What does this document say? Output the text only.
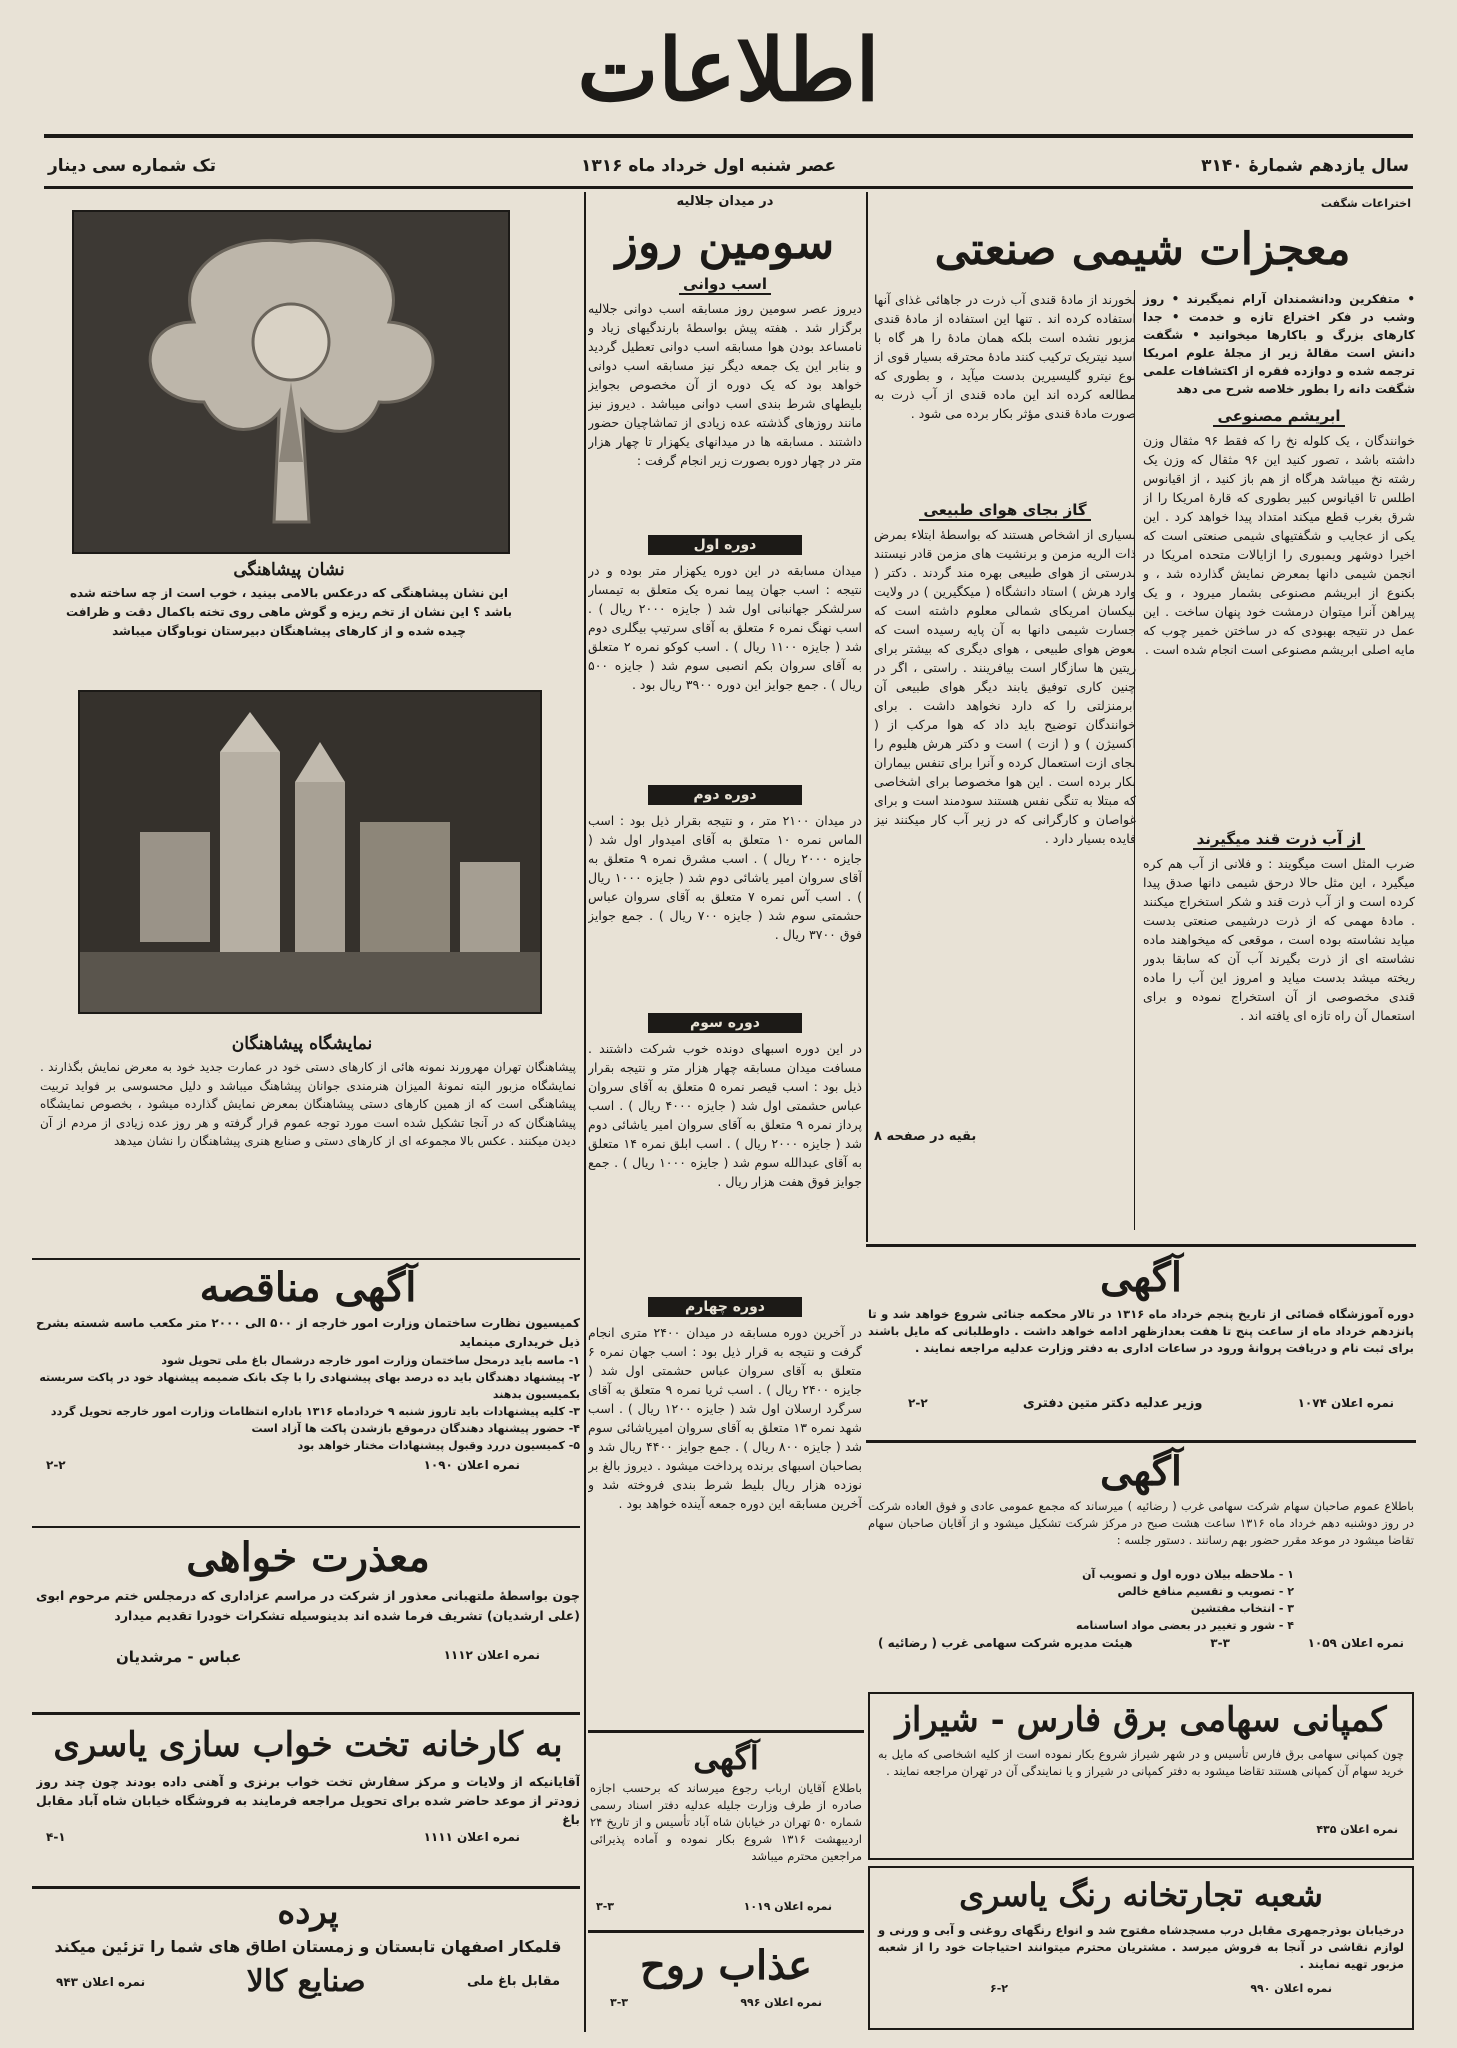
اطلاعات
سال یازدهم شمارهٔ ۳۱۴۰
عصر شنبه اول خرداد ماه ۱۳۱۶
تک شماره سی دینار
اختراعات شگفت
معجزات شیمی صنعتی
• متفکرین ودانشمندان آرام نمیگیرند • روز وشب در فکر اختراع تازه و خدمت • جدا کارهای بزرگ و باکارها میخوانید • شگفت دانش است مقالهٔ زیر از مجلهٔ علوم امریکا ترجمه شده و دوازده فقره از اکتشافات علمی شگفت دانه را بطور خلاصه شرح می دهد
ابریشم مصنوعی
خوانندگان ، یک کلوله نخ را که فقط ۹۶ مثقال وزن داشته باشد ، تصور کنید این ۹۶ مثقال که وزن یک رشته نخ میباشد هرگاه از هم باز کنید ، از اقیانوس اطلس تا اقیانوس کبیر بطوری که قارهٔ امریکا را از شرق بغرب قطع میکند امتداد پیدا خواهد کرد . این یکی از عجایب و شگفتیهای شیمی صنعتی است که اخیرا دوشهر ویمبوری را ازایالات متحده امریکا در انجمن شیمی دانها بمعرض نمایش گذارده شد ، و بکنوع از ابریشم مصنوعی بشمار میرود ، و یک پیراهن آنرا میتوان درمشت خود پنهان ساخت . این عمل در نتیجه بهبودی که در ساختن خمیر چوب که مایه اصلی ابریشم مصنوعی است انجام شده است .
از آب ذرت قند میگیرند
ضرب المثل است میگویند : و فلانی از آب هم کره میگیرد ، این مثل حالا درحق شیمی دانها صدق پیدا کرده است و از آب ذرت قند و شکر استخراج میکنند . مادهٔ مهمی که از ذرت درشیمی صنعتی بدست میاید نشاسته بوده است ، موقعی که میخواهند ماده نشاسته ای از ذرت بگیرند آب آن که سابقا بدور ریخته میشد بدست میاید و امروز این آب را ماده قندی مخصوصی از آن استخراج نموده و برای استعمال آن راه تازه ای یافته اند .
بخورند از مادهٔ قندی آب ذرت در جاهائی غذای آنها استفاده کرده اند . تنها این استفاده از مادهٔ قندی مزبور نشده است بلکه همان مادهٔ را هر گاه با اسید نیتریک ترکیب کنند مادهٔ محترقه بسیار قوی از نوع نیترو گلیسیرین بدست میآید ، و بطوری که مطالعه کرده اند این ماده قندی از آب ذرت به صورت مادهٔ قندی مؤثر بکار برده می شود .
گاز بجای هوای طبیعی
بسیاری از اشخاص هستند که بواسطهٔ ابتلاء بمرض ذات الریه مزمن و برنشیت های مزمن قادر نیستند بدرستی از هوای طبیعی بهره مند گردند . دکتر ( وارد هرش ) استاد دانشگاه ( میکگیرین ) در ولایت نیکسان امریکای شمالی معلوم داشته است که جسارت شیمی دانها به آن پایه رسیده است که بعوض هوای طبیعی ، هوای دیگری که بیشتر برای ریتین ها سازگار است بیافرینند . راستی ، اگر در چنین کاری توفیق یابند دیگر هوای طبیعی آن ابرمنزلتی را که دارد نخواهد داشت . برای خوانندگان توضیح باید داد که هوا مرکب از ( اکسیژن ) و ( ازت ) است و دکتر هرش هلیوم را بجای ازت استعمال کرده و آنرا برای تنفس بیماران بکار برده است . این هوا مخصوصا برای اشخاصی که مبتلا به تنگی نفس هستند سودمند است و برای غواصان و کارگرانی که در زیر آب کار میکنند نیز فایده بسیار دارد .
بقیه در صفحه ۸
در میدان جلالیه
سومین روز
اسب دوانی
دیروز عصر سومین روز مسابقه اسب دوانی جلالیه برگزار شد . هفته پیش بواسطهٔ بارندگیهای زیاد و نامساعد بودن هوا مسابقه اسب دوانی تعطیل گردید و بنابر این یک جمعه دیگر نیز مسابقه اسب دوانی خواهد بود که یک دوره از آن مخصوص بجوایز بلیطهای شرط بندی اسب دوانی میباشد . دیروز نیز مانند روزهای گذشته عده زیادی از تماشاچیان حضور داشتند . مسابقه ها در میدانهای یکهزار تا چهار هزار متر در چهار دوره بصورت زیر انجام گرفت :
دوره اول
میدان مسابقه در این دوره یکهزار متر بوده و در نتیجه : اسب جهان پیما نمره یک متعلق به تیمسار سرلشکر جهانبانی اول شد ( جایزه ۲۰۰۰ ریال ) . اسب نهنگ نمره ۶ متعلق به آقای سرتیپ بیگلری دوم شد ( جایزه ۱۱۰۰ ریال ) . اسب کوکو نمره ۲ متعلق به آقای سروان بکم انصبی سوم شد ( جایزه ۵۰۰ ریال ) . جمع جوایز این دوره ۳۹۰۰ ریال بود .
دوره دوم
در میدان ۲۱۰۰ متر ، و نتیجه بقرار ذیل بود : اسب الماس نمره ۱۰ متعلق به آقای امیدوار اول شد ( جایزه ۲۰۰۰ ریال ) . اسب مشرق نمره ۹ متعلق به آقای سروان امیر یاشائی دوم شد ( جایزه ۱۰۰۰ ریال ) . اسب آس نمره ۷ متعلق به آقای سروان عباس حشمتی سوم شد ( جایزه ۷۰۰ ریال ) . جمع جوایز فوق ۳۷۰۰ ریال .
دوره سوم
در این دوره اسبهای دونده خوب شرکت داشتند . مسافت میدان مسابقه چهار هزار متر و نتیجه بقرار ذیل بود : اسب قیصر نمره ۵ متعلق به آقای سروان عباس حشمتی اول شد ( جایزه ۴۰۰۰ ریال ) . اسب پرداز نمره ۹ متعلق به آقای سروان امیر یاشائی دوم شد ( جایزه ۲۰۰۰ ریال ) . اسب ابلق نمره ۱۴ متعلق به آقای عبدالله سوم شد ( جایزه ۱۰۰۰ ریال ) . جمع جوایز فوق هفت هزار ریال .
دوره چهارم
در آخرین دوره مسابقه در میدان ۲۴۰۰ متری انجام گرفت و نتیجه به قرار ذیل بود : اسب جهان نمره ۶ متعلق به آقای سروان عباس حشمتی اول شد ( جایزه ۲۴۰۰ ریال ) . اسب ثریا نمره ۹ متعلق به آقای سرگرد ارسلان اول شد ( جایزه ۱۲۰۰ ریال ) . اسب شهد نمره ۱۳ متعلق به آقای سروان امیریاشائی سوم شد ( جایزه ۸۰۰ ریال ) . جمع جوایز ۴۴۰۰ ریال شد و بصاحبان اسبهای برنده پرداخت میشود . دیروز بالغ بر نوزده هزار ریال بلیط شرط بندی فروخته شد و آخرین مسابقه این دوره جمعه آینده خواهد بود .
نشان پیشاهنگی
این نشان پیشاهنگی که درعکس بالامی بینید ، خوب است از چه ساخته شده باشد ؟ این نشان از تخم ریزه و گوش ماهی روی تخته باکمال دقت و ظرافت چیده شده و از کارهای پیشاهنگان دبیرستان نوباوگان میباشد
نمایشگاه پیشاهنگان
پیشاهنگان تهران مهرورند نمونه هائی از کارهای دستی خود در عمارت جدید خود به معرض نمایش بگذارند . نمایشگاه مزبور البته نمونهٔ المیزان هنرمندی جوانان پیشاهنگ میباشد و دلیل محسوسی بر فواید تربیت پیشاهنگی است که از همین کارهای دستی پیشاهنگان بمعرض نمایش گذارده میشود ، بخصوص نمایشگاه پیشاهنگان که در آنجا تشکیل شده است مورد توجه عموم قرار گرفته و هر روز عده زیادی از مردم از آن دیدن میکنند . عکس بالا مجموعه ای از کارهای دستی و صنایع هنری پیشاهنگان را نشان میدهد
آگهی مناقصه
کمیسیون نظارت ساختمان وزارت امور خارجه از ۵۰۰ الی ۲۰۰۰ متر مکعب ماسه شسته بشرح ذیل خریداری مینماید
۱- ماسه باید درمحل ساختمان وزارت امور خارجه درشمال باغ ملی تحویل شود
۲- پیشنهاد دهندگان باید ده درصد بهای پیشنهادی را با چک بانک ضمیمه پیشنهاد خود در پاکت سربسته بکمیسیون بدهند
۳- کلیه پیشنهادات باید تاروز شنبه ۹ خردادماه ۱۳۱۶ باداره انتظامات وزارت امور خارجه تحویل گردد
۴- حضور پیشنهاد دهندگان درموقع بازشدن پاکت ها آزاد است
۵- کمیسیون دررد وقبول پیشنهادات مختار خواهد بود
نمره اعلان ۱۰۹۰
۲-۲
معذرت خواهی
چون بواسطهٔ ملتهبانی معذور از شرکت در مراسم عزاداری که درمجلس ختم مرحوم ابوی (علی ارشدیان) تشریف فرما شده اند بدینوسیله تشکرات خودرا تقدیم میدارد
نمره اعلان ۱۱۱۲
عباس - مرشدیان
به کارخانه تخت خواب سازی یاسری
آقایانیکه از ولایات و مرکز سفارش تخت خواب برنزی و آهنی داده بودند چون چند روز زودتر از موعد حاضر شده برای تحویل مراجعه فرمایند به فروشگاه خیابان شاه آباد مقابل باغ
نمره اعلان ۱۱۱۱
۴-۱
پرده
قلمکار اصفهان تابستان و زمستان اطاق های شما را تزئین میکند
مقابل باغ ملی
صنایع کالا
نمره اعلان ۹۴۳
آگهی
باطلاع آقایان ارباب رجوع میرساند که برحسب اجازه صادره از طرف وزارت جلیله عدلیه دفتر اسناد رسمی شماره ۵۰ تهران در خیابان شاه آباد تأسیس و از تاریخ ۲۴ اردیبهشت ۱۳۱۶ شروع بکار نموده و آماده پذیرائی مراجعین محترم میباشد
نمره اعلان ۱۰۱۹
۳-۳
عذاب روح
نمره اعلان ۹۹۶
۳-۳
آگهی
دوره آموزشگاه قضائی از تاریخ پنجم خرداد ماه ۱۳۱۶ در تالار محکمه جنائی شروع خواهد شد و تا پانزدهم خرداد ماه از ساعت پنج تا هفت بعدازظهر ادامه خواهد داشت . داوطلبانی که مایل باشند برای ثبت نام و دریافت پروانهٔ ورود در ساعات اداری به دفتر وزارت عدلیه مراجعه نمایند .
نمره اعلان ۱۰۷۴
وزیر عدلیه دکتر متین دفتری
۲-۲
آگهی
باطلاع عموم صاحبان سهام شرکت سهامی غرب ( رضائیه ) میرساند که مجمع عمومی عادی و فوق العاده شرکت در روز دوشنبه دهم خرداد ماه ۱۳۱۶ ساعت هشت صبح در مرکز شرکت تشکیل میشود و از آقایان صاحبان سهام تقاضا میشود در موعد مقرر حضور بهم رسانند . دستور جلسه :
۱ - ملاحظه بیلان دوره اول و تصویب آن
۲ - تصویب و تقسیم منافع خالص
۳ - انتخاب مفتشین
۴ - شور و تغییر در بعضی مواد اساسنامه
نمره اعلان ۱۰۵۹
۳-۳
هیئت مدیره شرکت سهامی غرب ( رضائیه )
کمپانی سهامی برق فارس - شیراز
چون کمپانی سهامی برق فارس تأسیس و در شهر شیراز شروع بکار نموده است از کلیه اشخاصی که مایل به خرید سهام آن کمپانی هستند تقاضا میشود به دفتر کمپانی در شیراز و یا نمایندگی آن در تهران مراجعه نمایند .
نمره اعلان ۴۳۵
شعبه تجارتخانه رنگ یاسری
درخیابان بوذرجمهری مقابل درب مسجدشاه مفتوح شد و انواع رنگهای روغنی و آبی و ورنی و لوازم نقاشی در آنجا به فروش میرسد . مشتریان محترم میتوانند احتیاجات خود را از شعبه مزبور تهیه نمایند .
نمره اعلان ۹۹۰
۶-۲
